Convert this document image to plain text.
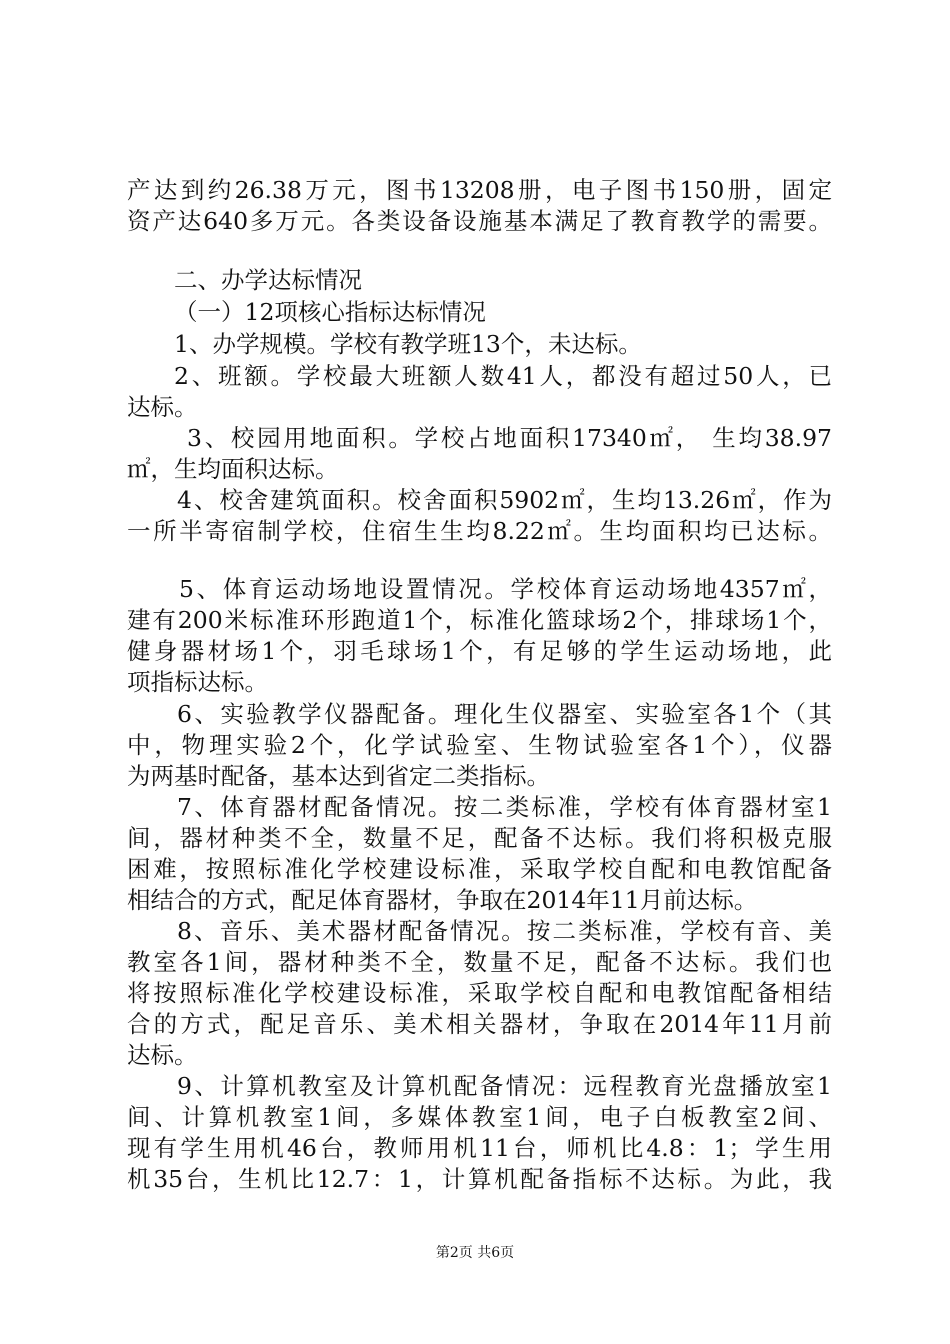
产达到约26.38万元，图书13208册，电子图书150册，固定
资产达640多万元。各类设备设施基本满足了教育教学的需要。
二、办学达标情况
（一）12项核心指标达标情况
1、办学规模。学校有教学班13个，未达标。
2、班额。学校最大班额人数41人，都没有超过50人，已
达标。
3、校园用地面积。学校占地面积17340㎡， 生均38.97
㎡，生均面积达标。
4、校舍建筑面积。校舍面积5902㎡，生均13.26㎡，作为
一所半寄宿制学校，住宿生生均8.22㎡。生均面积均已达标。
5、体育运动场地设置情况。学校体育运动场地4357㎡，
建有200米标准环形跑道1个，标准化篮球场2个，排球场1个，
健身器材场1个，羽毛球场1个，有足够的学生运动场地，此
项指标达标。
6、实验教学仪器配备。理化生仪器室、实验室各1个（其
中，物理实验2个，化学试验室、生物试验室各1个），仪器
为两基时配备，基本达到省定二类指标。
7、体育器材配备情况。按二类标准，学校有体育器材室1
间，器材种类不全，数量不足，配备不达标。我们将积极克服
困难，按照标准化学校建设标准，采取学校自配和电教馆配备
相结合的方式，配足体育器材，争取在2014年11月前达标。
8、音乐、美术器材配备情况。按二类标准，学校有音、美
教室各1间，器材种类不全，数量不足，配备不达标。我们也
将按照标准化学校建设标准，采取学校自配和电教馆配备相结
合的方式，配足音乐、美术相关器材，争取在2014年11月前
达标。
9、计算机教室及计算机配备情况：远程教育光盘播放室1
间、计算机教室1间，多媒体教室1间，电子白板教室2间、
现有学生用机46台，教师用机11台，师机比4.8：1；学生用
机35台，生机比12.7：1，计算机配备指标不达标。为此，我
第2页 共6页
